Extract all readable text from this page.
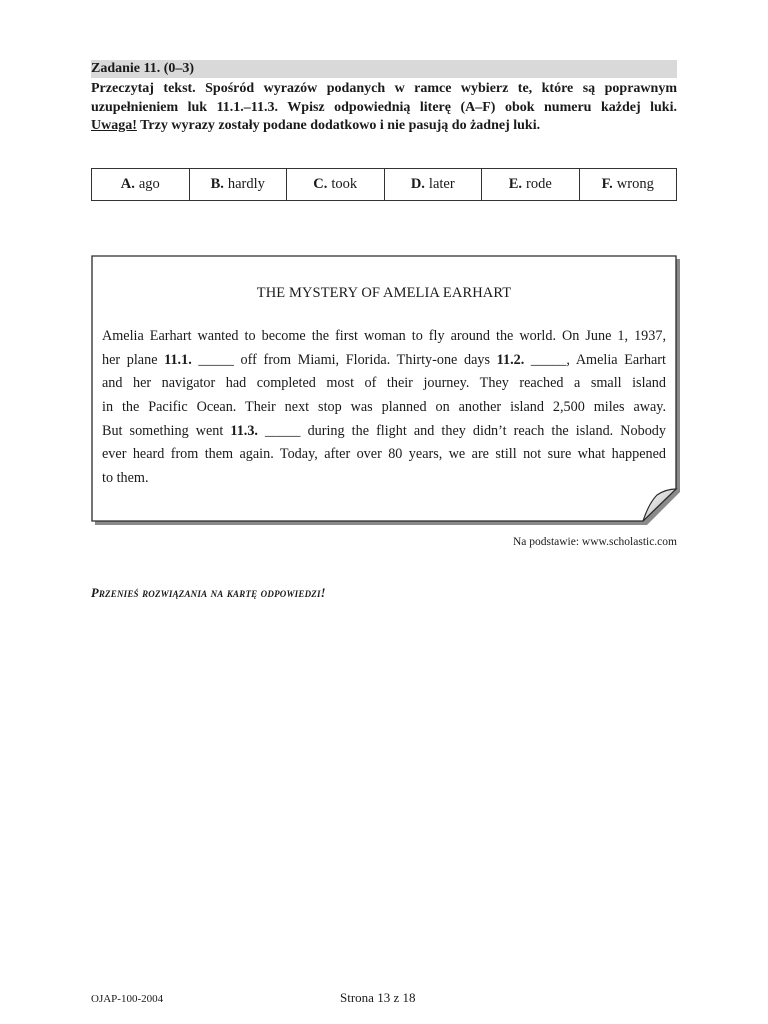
Zadanie 11. (0–3)

Przeczytaj tekst. Spośród wyrazów podanych w ramce wybierz te, które są poprawnym

uzupełnieniem luk 11.1.–11.3. Wpisz odpowiednią literę (A–F) obok numeru każdej luki.

Uwaga! Trzy wyrazy zostały podane dodatkowo i nie pasują do żadnej luki.

A. ago	B. hardly	C. took	D. later	E. rode	F. wrong
THE MYSTERY OF AMELIA EARHART
Amelia Earhart wanted to become the first woman to fly around the world. On June 1, 1937,
her plane 11.1. _____ off from Miami, Florida. Thirty-one days 11.2. _____, Amelia Earhart
and her navigator had completed most of their journey. They reached a small island
in the Pacific Ocean. Their next stop was planned on another island 2,500 miles away.
But something went 11.3. _____ during the flight and they didn’t reach the island. Nobody
ever heard from them again. Today, after over 80 years, we are still not sure what happened
to them.
Na podstawie: www.scholastic.com
Przenieś rozwiązania na kartę odpowiedzi!
OJAP-100-2004	Strona 13 z 18
